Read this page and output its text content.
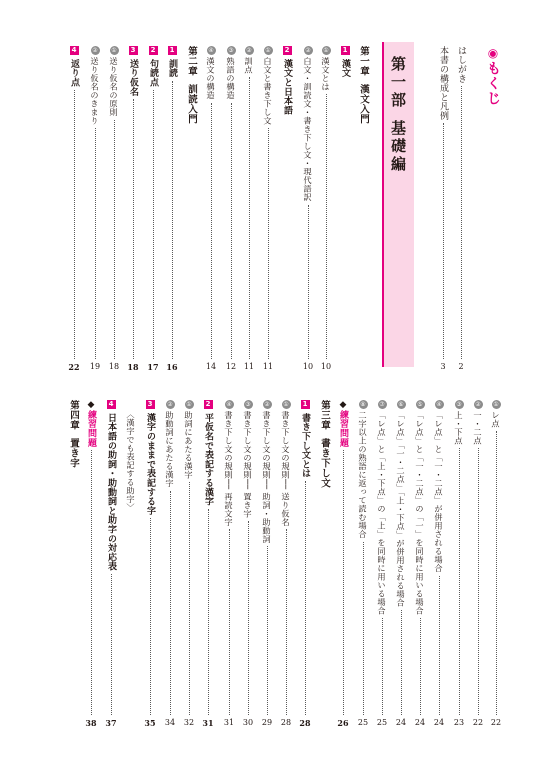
◉もくじ
はしがき
2
本書の構成と凡例
3
第一部基礎編
第一章漢文入門
1
漢文
①
漢文とは
10
②
白文・訓読文・書き下し文・現代語訳
10
2
漢文と日本語
①
白文と書き下し文
11
②
訓点
11
③
熟語の構造
12
④
漢文の構造
14
第二章訓読入門
1
訓読
16
2
句読点
17
3
送り仮名
18
①
送り仮名の原則
18
②
送り仮名のきまり
19
4
返り点
22
①
レ点
22
②
一・二点
22
③
上・下点
23
④
「レ点」と「一・二点」が併用される場合
24
⑤
「レ点」と「一・二点」の「一」を同時に用いる場合
24
⑥
「レ点」「一・二点」「上・下点」が併用される場合
24
⑦
「レ点」と「上・下点」の「上」を同時に用いる場合
25
⑧
二字以上の熟語に返って読む場合
25
◆
練習問題
26
第三章書き下し文
1
書き下し文とは
28
①
書き下し文の規則── 送り仮名
28
②
書き下し文の規則── 助詞・助動詞
29
③
書き下し文の規則── 置き字
30
④
書き下し文の規則── 再読文字
31
2
平仮名で表記する漢字
31
①
助詞にあたる漢字
32
②
助動詞にあたる漢字
34
3
漢字のままで表記する字
35
〈漢字でも表記する助字〉
4
日本語の助詞・助動詞と助字の対応表
37
◆
練習問題
38
第四章置き字
